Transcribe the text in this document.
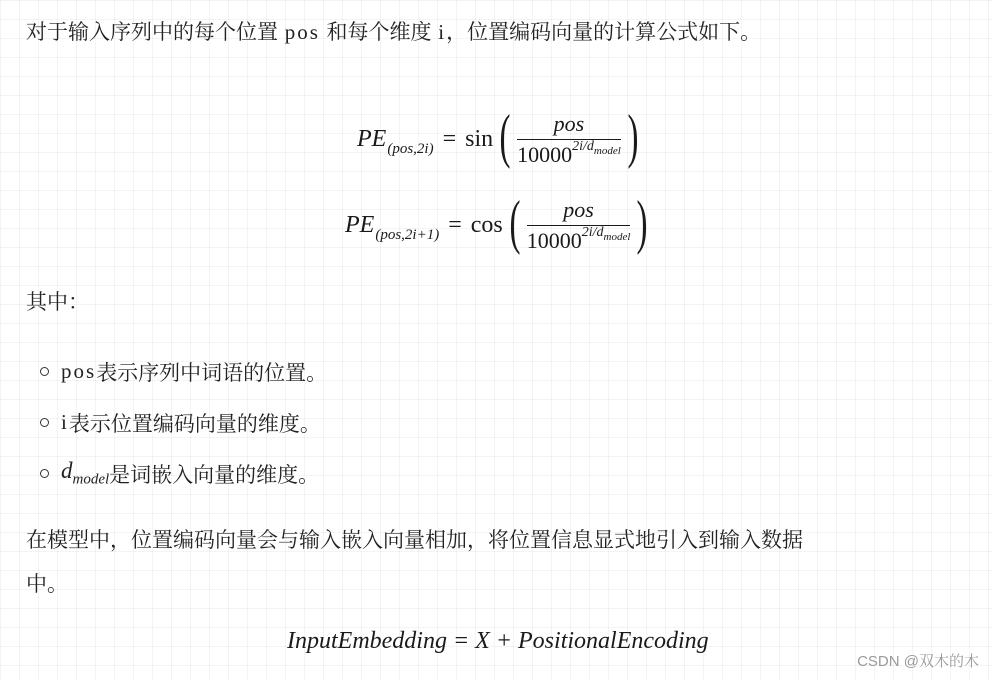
对于输入序列中的每个位置 pos 和每个维度 i，位置编码向量的计算公式如下。

PE (pos,2i) = sin ( $\frac{\text{pos}}{10000^{2i/d_{model}}}$ )
PE (pos,2i+1) = cos ( $\frac{\text{pos}}{10000^{2i/d_{model}}}$ )

其中：

pos 表示序列中词语的位置。
i 表示位置编码向量的维度。
$d_{model}$ 是词嵌入向量的维度。

在模型中，位置编码向量会与输入嵌入向量相加，将位置信息显式地引入到输入数据

中。

InputEmbedding = X + PositionalEncoding
CSDN @双木的木
